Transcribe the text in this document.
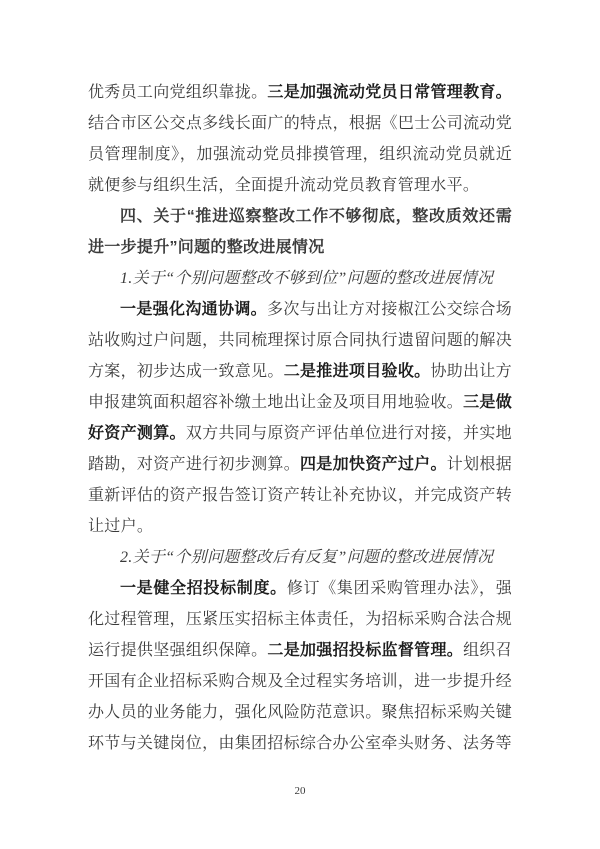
优秀员工向党组织靠拢。三是加强流动党员日常管理教育。结合市区公交点多线长面广的特点，根据《巴士公司流动党员管理制度》，加强流动党员排摸管理，组织流动党员就近就便参与组织生活，全面提升流动党员教育管理水平。

四、关于“推进巡察整改工作不够彻底，整改质效还需进一步提升”问题的整改进展情况

1.关于“个别问题整改不够到位”问题的整改进展情况

一是强化沟通协调。多次与出让方对接椒江公交综合场站收购过户问题，共同梳理探讨原合同执行遗留问题的解决方案，初步达成一致意见。二是推进项目验收。协助出让方申报建筑面积超容补缴土地出让金及项目用地验收。三是做好资产测算。双方共同与原资产评估单位进行对接，并实地踏勘，对资产进行初步测算。四是加快资产过户。计划根据重新评估的资产报告签订资产转让补充协议，并完成资产转让过户。

2.关于“个别问题整改后有反复”问题的整改进展情况

一是健全招投标制度。修订《集团采购管理办法》，强化过程管理，压紧压实招标主体责任，为招标采购合法合规运行提供坚强组织保障。二是加强招投标监督管理。组织召开国有企业招标采购合规及全过程实务培训，进一步提升经办人员的业务能力，强化风险防范意识。聚焦招标采购关键环节与关键岗位，由集团招标综合办公室牵头财务、法务等

20
